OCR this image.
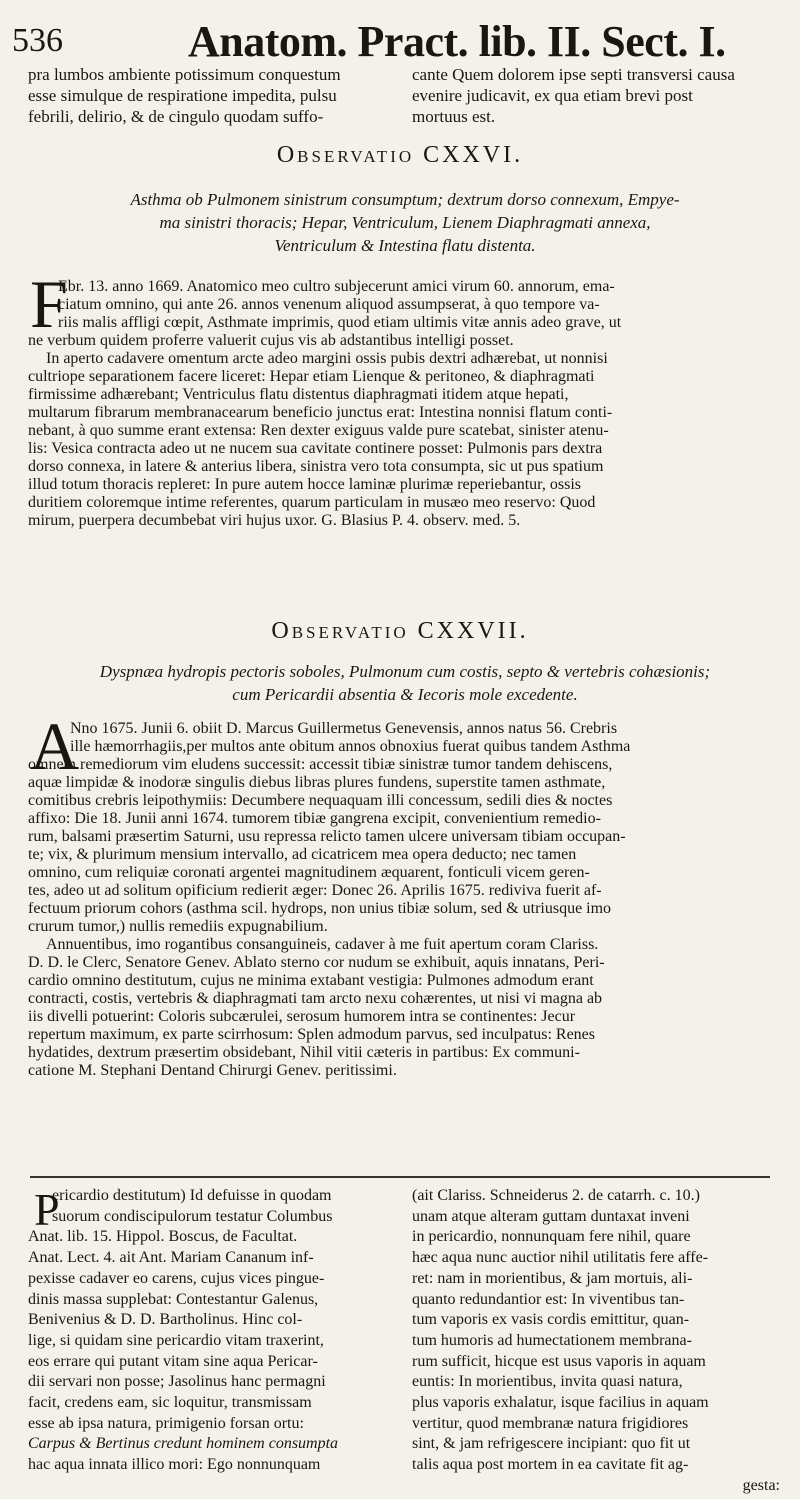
536	Anatom. Pract. lib. II. Sect. I.
pra lumbos ambiente potissimum conquestum
esse simulque de respiratione impedita, pulsu
febrili, delirio, & de cingulo quodam suffo-
cante Quem dolorem ipse septi transversi causa
evenire judicavit, ex qua etiam brevi post
mortuus est.
Observatio CXXVI.
Asthma ob Pulmonem sinistrum consumptum; dextrum dorso connexum, Empye-
ma sinistri thoracis; Hepar, Ventriculum, Lienem Diaphragmati annexa,
Ventriculum & Intestina flatu distenta.
F
Ebr. 13. anno 1669. Anatomico meo cultro subjecerunt amici virum 60. annorum, ema-
ciatum omnino, qui ante 26. annos venenum aliquod assumpserat, à quo tempore va-
riis malis affligi cœpit, Asthmate imprimis, quod etiam ultimis vitæ annis adeo grave, ut
ne verbum quidem proferre valuerit cujus vis ab adstantibus intelligi posset.
In aperto cadavere omentum arcte adeo margini ossis pubis dextri adhærebat, ut nonnisi
cultriope separationem facere liceret: Hepar etiam Lienque & peritoneo, & diaphragmati
firmissime adhærebant; Ventriculus flatu distentus diaphragmati itidem atque hepati,
multarum fibrarum membranacearum beneficio junctus erat: Intestina nonnisi flatum conti-
nebant, à quo summe erant extensa: Ren dexter exiguus valde pure scatebat, sinister atenu-
lis: Vesica contracta adeo ut ne nucem sua cavitate continere posset: Pulmonis pars dextra
dorso connexa, in latere & anterius libera, sinistra vero tota consumpta, sic ut pus spatium
illud totum thoracis repleret: In pure autem hocce laminæ plurimæ reperiebantur, ossis
duritiem coloremque intime referentes, quarum particulam in musæo meo reservo: Quod
mirum, puerpera decumbebat viri hujus uxor. G. Blasius P. 4. observ. med. 5.
Observatio CXXVII.
Dyspnæa hydropis pectoris soboles, Pulmonum cum costis, septo & vertebris cohæsionis;
cum Pericardii absentia & Iecoris mole excedente.
A
Nno 1675. Junii 6. obiit D. Marcus Guillermetus Genevensis, annos natus 56. Crebris
ille hæmorrhagiis,per multos ante obitum annos obnoxius fuerat quibus tandem Asthma
omnem remediorum vim eludens successit: accessit tibiæ sinistræ tumor tandem dehiscens,
aquæ limpidæ & inodoræ singulis diebus libras plures fundens, superstite tamen asthmate,
comitibus crebris leipothymiis: Decumbere nequaquam illi concessum, sedili dies & noctes
affixo: Die 18. Junii anni 1674. tumorem tibiæ gangrena excipit, convenientium remedio-
rum, balsami præsertim Saturni, usu repressa relicto tamen ulcere universam tibiam occupan-
te; vix, & plurimum mensium intervallo, ad cicatricem mea opera deducto; nec tamen
omnino, cum reliquiæ coronati argentei magnitudinem æquarent, fonticuli vicem geren-
tes, adeo ut ad solitum opificium redierit æger: Donec 26. Aprilis 1675. rediviva fuerit af-
fectuum priorum cohors (asthma scil. hydrops, non unius tibiæ solum, sed & utriusque imo
crurum tumor,) nullis remediis expugnabilium.
Annuentibus, imo rogantibus consanguineis, cadaver à me fuit apertum coram Clariss.
D. D. le Clerc, Senatore Genev. Ablato sterno cor nudum se exhibuit, aquis innatans, Peri-
cardio omnino destitutum, cujus ne minima extabant vestigia: Pulmones admodum erant
contracti, costis, vertebris & diaphragmati tam arcto nexu cohærentes, ut nisi vi magna ab
iis divelli potuerint: Coloris subcærulei, serosum humorem intra se continentes: Jecur
repertum maximum, ex parte scirrhosum: Splen admodum parvus, sed inculpatus: Renes
hydatides, dextrum præsertim obsidebant, Nihil vitii cæteris in partibus: Ex communi-
catione M. Stephani Dentand Chirurgi Genev. peritissimi.
P
ericardio destitutum) Id defuisse in quodam
suorum condiscipulorum testatur Columbus
Anat. lib. 15. Hippol. Boscus, de Facultat.
Anat. Lect. 4. ait Ant. Mariam Cananum inf-
pexisse cadaver eo carens, cujus vices pingue-
dinis massa supplebat: Contestantur Galenus,
Benivenius & D. D. Bartholinus. Hinc col-
lige, si quidam sine pericardio vitam traxerint,
eos errare qui putant vitam sine aqua Pericar-
dii servari non posse; Jasolinus hanc permagni
facit, credens eam, sic loquitur, transmissam
esse ab ipsa natura, primigenio forsan ortu:
Carpus & Bertinus credunt hominem consumpta
hac aqua innata illico mori: Ego nonnunquam
(ait Clariss. Schneiderus 2. de catarrh. c. 10.)
unam atque alteram guttam duntaxat inveni
in pericardio, nonnunquam fere nihil, quare
hæc aqua nunc auctior nihil utilitatis fere affe-
ret: nam in morientibus, & jam mortuis, ali-
quanto redundantior est: In viventibus tan-
tum vaporis ex vasis cordis emittitur, quan-
tum humoris ad humectationem membrana-
rum sufficit, hicque est usus vaporis in aquam
euntis: In morientibus, invita quasi natura,
plus vaporis exhalatur, isque facilius in aquam
vertitur, quod membranæ natura frigidiores
sint, & jam refrigescere incipiant: quo fit ut
talis aqua post mortem in ea cavitate fit ag-
gesta:
